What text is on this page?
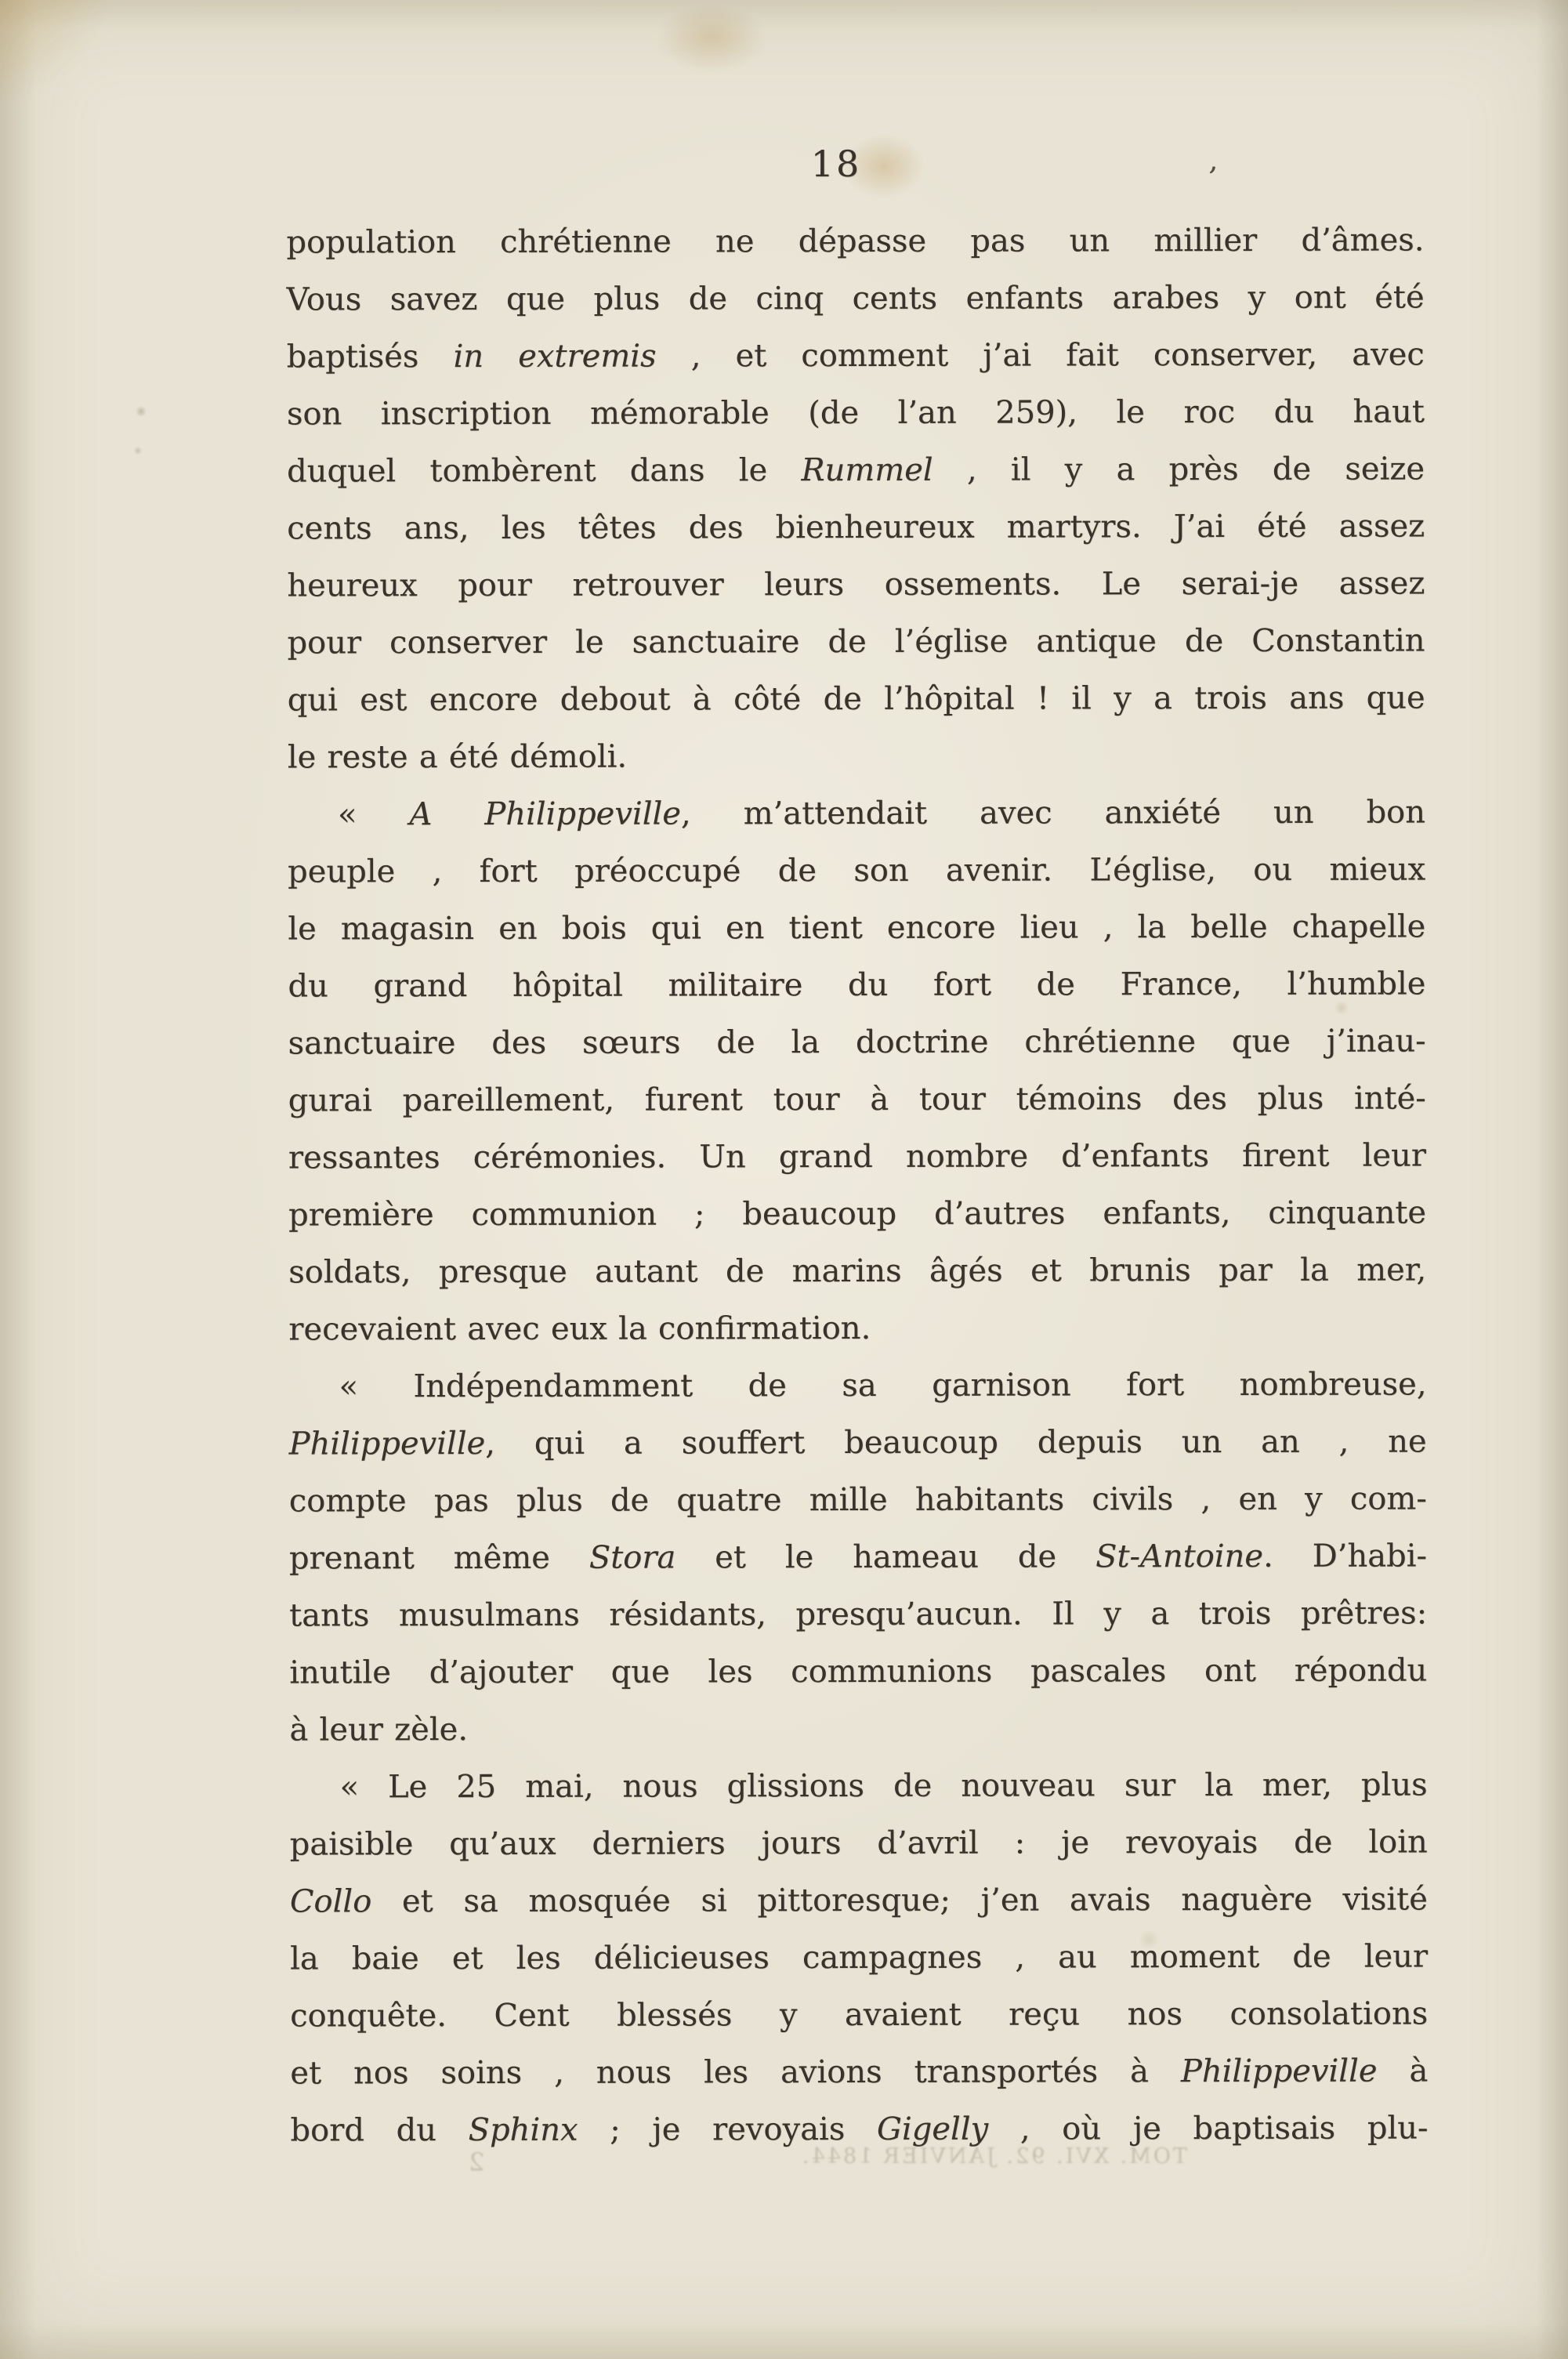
18	’
population chrétienne ne dépasse pas un millier d’âmes.
Vous savez que plus de cinq cents enfants arabes y ont été
baptisés in extremis , et comment j’ai fait conserver, avec
son inscription mémorable (de l’an 259), le roc du haut
duquel tombèrent dans le Rummel , il y a près de seize
cents ans, les têtes des bienheureux martyrs. J’ai été assez
heureux pour retrouver leurs ossements. Le serai-je assez
pour conserver le sanctuaire de l’église antique de Constantin
qui est encore debout à côté de l’hôpital ! il y a trois ans que
le reste a été démoli.
« A Philippeville, m’attendait avec anxiété un bon
peuple , fort préoccupé de son avenir. L’église, ou mieux
le magasin en bois qui en tient encore lieu , la belle chapelle
du grand hôpital militaire du fort de France, l’humble
sanctuaire des sœurs de la doctrine chrétienne que j’inau-
gurai pareillement, furent tour à tour témoins des plus inté-
ressantes cérémonies. Un grand nombre d’enfants firent leur
première communion ; beaucoup d’autres enfants, cinquante
soldats, presque autant de marins âgés et brunis par la mer,
recevaient avec eux la confirmation.
« Indépendamment de sa garnison fort nombreuse,
Philippeville, qui a souffert beaucoup depuis un an , ne
compte pas plus de quatre mille habitants civils , en y com-
prenant même Stora et le hameau de St-Antoine. D’habi-
tants musulmans résidants, presqu’aucun. Il y a trois prêtres:
inutile d’ajouter que les communions pascales ont répondu
à leur zèle.
« Le 25 mai, nous glissions de nouveau sur la mer, plus
paisible qu’aux derniers jours d’avril : je revoyais de loin
Collo et sa mosquée si pittoresque; j’en avais naguère visité
la baie et les délicieuses campagnes , au moment de leur
conquête. Cent blessés y avaient reçu nos consolations
et nos soins , nous les avions transportés à Philippeville à
bord du Sphinx ; je revoyais Gigelly , où je baptisais plu-
TOM. XVI. 92. JANVIER 1844.
2
